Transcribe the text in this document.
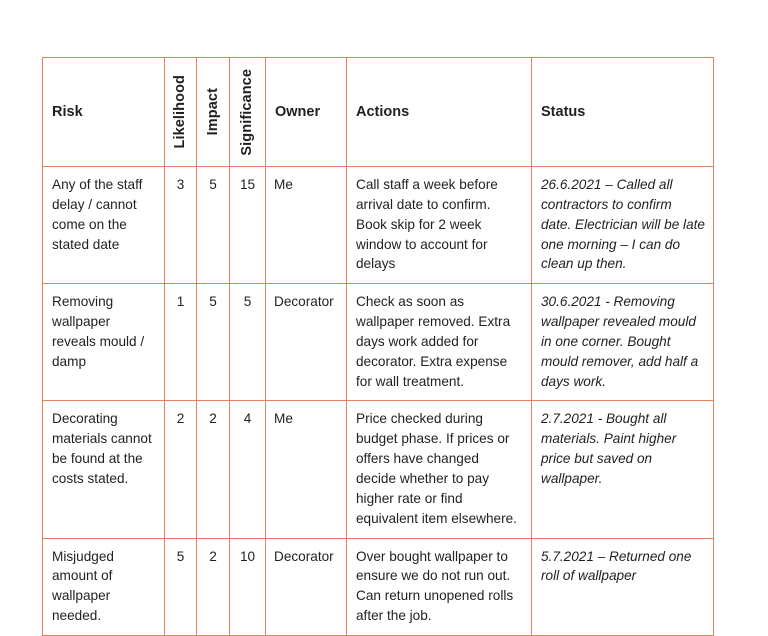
Risk	Likelihood	Impact	Significance	Owner	Actions	Status

Any of the staff delay / cannot come on the stated date	3	5	15	Me	Call staff a week before arrival date to confirm. Book skip for 2 week window to account for delays	26.6.2021 – Called all contractors to confirm date. Electrician will be late one morning – I can do clean up then.

Removing wallpaper reveals mould / damp	1	5	5	Decorator	Check as soon as wallpaper removed. Extra days work added for decorator. Extra expense for wall treatment.	30.6.2021 - Removing wallpaper revealed mould in one corner. Bought mould remover, add half a days work.

Decorating materials cannot be found at the costs stated.	2	2	4	Me	Price checked during budget phase. If prices or offers have changed decide whether to pay higher rate or find equivalent item elsewhere.	2.7.2021 - Bought all materials. Paint higher price but saved on wallpaper.

Misjudged amount of wallpaper needed.	5	2	10	Decorator	Over bought wallpaper to ensure we do not run out. Can return unopened rolls after the job.	5.7.2021 – Returned one roll of wallpaper
